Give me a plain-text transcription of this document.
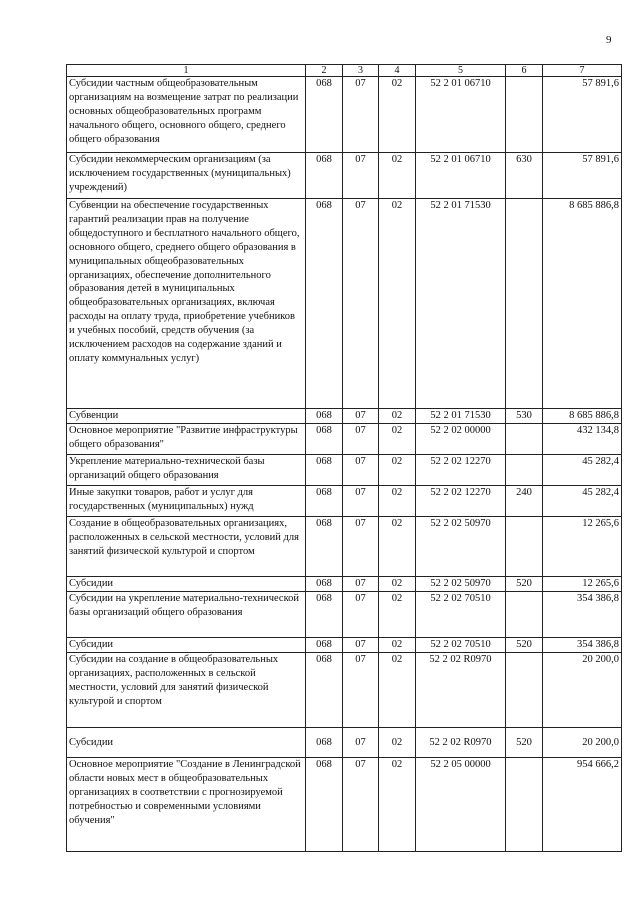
9
1	2	3	4	5	6	7
Субсидии частным общеобразовательным организациям на возмещение затрат по реализации основных общеобразовательных программ начального общего, основного общего, среднего общего образования	068	07	02	52 2 01 06710		57 891,6
Субсидии некоммерческим организациям (за исключением государственных (муниципальных) учреждений)	068	07	02	52 2 01 06710	630	57 891,6
Субвенции на обеспечение государственных гарантий реализации прав на получение общедоступного и бесплатного начального общего, основного общего, среднего общего образования в муниципальных общеобразовательных организациях, обеспечение дополнительного образования детей в муниципальных общеобразовательных организациях, включая расходы на оплату труда, приобретение учебников и учебных пособий, средств обучения (за исключением расходов на содержание зданий и оплату коммунальных услуг)	068	07	02	52 2 01 71530		8 685 886,8
Субвенции	068	07	02	52 2 01 71530	530	8 685 886,8
Основное мероприятие "Развитие инфраструктуры общего образования"	068	07	02	52 2 02 00000		432 134,8
Укрепление материально-технической базы организаций общего образования	068	07	02	52 2 02 12270		45 282,4
Иные закупки товаров, работ и услуг для государственных (муниципальных) нужд	068	07	02	52 2 02 12270	240	45 282,4
Создание в общеобразовательных организациях, расположенных в сельской местности, условий для занятий физической культурой и спортом	068	07	02	52 2 02 50970		12 265,6
Субсидии	068	07	02	52 2 02 50970	520	12 265,6
Субсидии на укрепление материально-технической базы организаций общего образования	068	07	02	52 2 02 70510		354 386,8
Субсидии	068	07	02	52 2 02 70510	520	354 386,8
Субсидии на создание в общеобразовательных организациях, расположенных в сельской местности, условий для занятий физической культурой и спортом	068	07	02	52 2 02 R0970		20 200,0
Субсидии	068	07	02	52 2 02 R0970	520	20 200,0
Основное мероприятие "Создание в Ленинградской области новых мест в общеобразовательных организациях в соответствии с прогнозируемой потребностью и современными условиями обучения"	068	07	02	52 2 05 00000		954 666,2
